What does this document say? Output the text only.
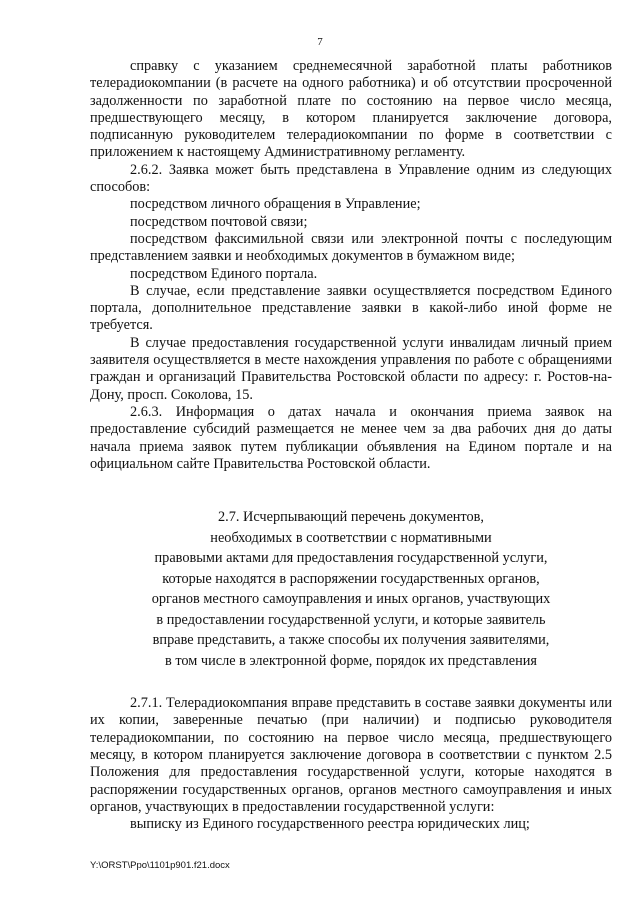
7

справку с указанием среднемесячной заработной платы работников телерадиокомпании (в расчете на одного работника) и об отсутствии просроченной задолженности по заработной плате по состоянию на первое число месяца, предшествующего месяцу, в котором планируется заключение договора, подписанную руководителем телерадиокомпании по форме в соответствии с приложением к настоящему Административному регламенту.

2.6.2. Заявка может быть представлена в Управление одним из следующих способов:

посредством личного обращения в Управление;

посредством почтовой связи;

посредством факсимильной связи или электронной почты с последующим представлением заявки и необходимых документов в бумажном виде;

посредством Единого портала.

В случае, если представление заявки осуществляется посредством Единого портала, дополнительное представление заявки в какой-либо иной форме не требуется.

В случае предоставления государственной услуги инвалидам личный прием заявителя осуществляется в месте нахождения управления по работе с обращениями граждан и организаций Правительства Ростовской области по адресу: г. Ростов-на-Дону, просп. Соколова, 15.

2.6.3. Информация о датах начала и окончания приема заявок на предоставление субсидий размещается не менее чем за два рабочих дня до даты начала приема заявок путем публикации объявления на Едином портале и на официальном сайте Правительства Ростовской области.

2.7. Исчерпывающий перечень документов,
необходимых в соответствии с нормативными
правовыми актами для предоставления государственной услуги,
которые находятся в распоряжении государственных органов,
органов местного самоуправления и иных органов, участвующих
в предоставлении государственной услуги, и которые заявитель
вправе представить, а также способы их получения заявителями,
в том числе в электронной форме, порядок их представления

2.7.1. Телерадиокомпания вправе представить в составе заявки документы или их копии, заверенные печатью (при наличии) и подписью руководителя телерадиокомпании, по состоянию на первое число месяца, предшествующего месяцу, в котором планируется заключение договора в соответствии с пунктом 2.5 Положения для предоставления государственной услуги, которые находятся в распоряжении государственных органов, органов местного самоуправления и иных органов, участвующих в предоставлении государственной услуги:

выписку из Единого государственного реестра юридических лиц;

Y:\ORST\Ppo\1101p901.f21.docx
